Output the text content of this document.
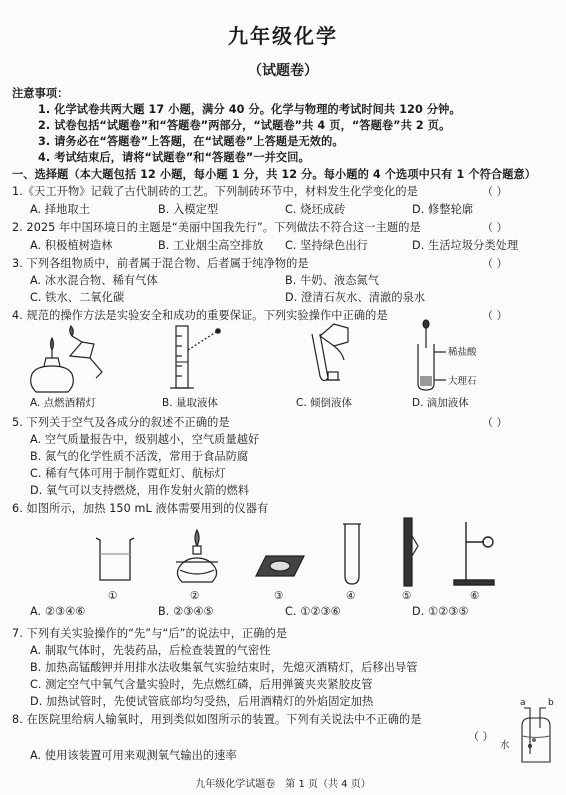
九年级化学
（试题卷）
注意事项：
1. 化学试卷共两大题 17 小题，满分 40 分。化学与物理的考试时间共 120 分钟。
2. 试卷包括“试题卷”和“答题卷”两部分，“试题卷”共 4 页，“答题卷”共 2 页。
3. 请务必在“答题卷”上答题，在“试题卷”上答题是无效的。
4. 考试结束后，请将“试题卷”和“答题卷”一并交回。
一、选择题（本大题包括 12 小题，每小题 1 分，共 12 分。每小题的 4 个选项中只有 1 个符合题意）
1.《天工开物》记载了古代制砖的工艺。下列制砖环节中，材料发生化学变化的是	（ ）
A. 择地取土	B. 入模定型	C. 烧坯成砖	D. 修整轮廓
2. 2025 年中国环境日的主题是“美丽中国我先行”。下列做法不符合这一主题的是	（ ）
A. 积极植树造林	B. 工业烟尘高空排放 C. 坚持绿色出行	D. 生活垃圾分类处理
3. 下列各组物质中，前者属于混合物、后者属于纯净物的是	（ ）
A. 冰水混合物、稀有气体	B. 牛奶、液态氮气
C. 铁水、二氧化碳	D. 澄清石灰水、清澈的泉水
4. 规范的操作方法是实验安全和成功的重要保证。下列实验操作中正确的是	（ ）
A. 点燃酒精灯	B. 量取液体	C. 倾倒液体
稀盐酸
大理石
D. 滴加液体
5. 下列关于空气及各成分的叙述不正确的是	（ ）
A. 空气质量报告中，级别越小，空气质量越好
B. 氮气的化学性质不活泼，常用于食品防腐
C. 稀有气体可用于制作霓虹灯、航标灯
D. 氧气可以支持燃烧，用作发射火箭的燃料
6. 如图所示，加热 150 mL 液体需要用到的仪器有
①	②	③	④	⑤	⑥
A. ②③④⑥	B. ②③④⑤	C. ①②③⑥	D. ①②③⑤
7. 下列有关实验操作的“先”与“后”的说法中，正确的是
A. 制取气体时，先装药品，后检查装置的气密性
B. 加热高锰酸钾并用排水法收集氧气实验结束时，先熄灭酒精灯，后移出导管
C. 测定空气中氧气含量实验时，先点燃红磷，后用弹簧夹夹紧胶皮管
D. 加热试管时，先使试管底部均匀受热，后用酒精灯的外焰固定加热
8. 在医院里给病人输氧时，用到类似如图所示的装置。下列有关说法中不正确的是
（ ）
A. 使用该装置可用来观测氧气输出的速率
a b
水
九年级化学试题卷　第 1 页（共 4 页）
